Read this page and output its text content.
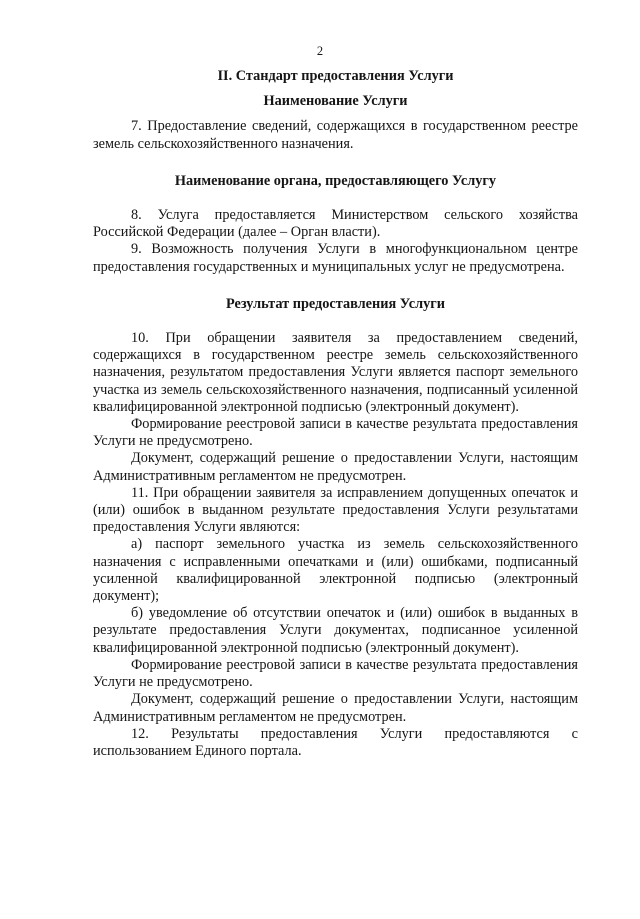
2
II. Стандарт предоставления Услуги
Наименование Услуги

7. Предоставление сведений, содержащихся в государственном реестре земель сельскохозяйственного назначения.

Наименование органа, предоставляющего Услугу

8. Услуга предоставляется Министерством сельского хозяйства Российской Федерации (далее – Орган власти).

9. Возможность получения Услуги в многофункциональном центре предоставления государственных и муниципальных услуг не предусмотрена.

Результат предоставления Услуги

10. При обращении заявителя за предоставлением сведений, содержащихся в государственном реестре земель сельскохозяйственного назначения, результатом предоставления Услуги является паспорт земельного участка из земель сельскохозяйственного назначения, подписанный усиленной квалифицированной электронной подписью (электронный документ).

Формирование реестровой записи в качестве результата предоставления Услуги не предусмотрено.

Документ, содержащий решение о предоставлении Услуги, настоящим Административным регламентом не предусмотрен.

11. При обращении заявителя за исправлением допущенных опечаток и (или) ошибок в выданном результате предоставления Услуги результатами предоставления Услуги являются:

а) паспорт земельного участка из земель сельскохозяйственного назначения с исправленными опечатками и (или) ошибками, подписанный усиленной квалифицированной электронной подписью (электронный документ);

б) уведомление об отсутствии опечаток и (или) ошибок в выданных в результате предоставления Услуги документах, подписанное усиленной квалифицированной электронной подписью (электронный документ).

Формирование реестровой записи в качестве результата предоставления Услуги не предусмотрено.

Документ, содержащий решение о предоставлении Услуги, настоящим Административным регламентом не предусмотрен.

12. Результаты предоставления Услуги предоставляются с использованием Единого портала.
